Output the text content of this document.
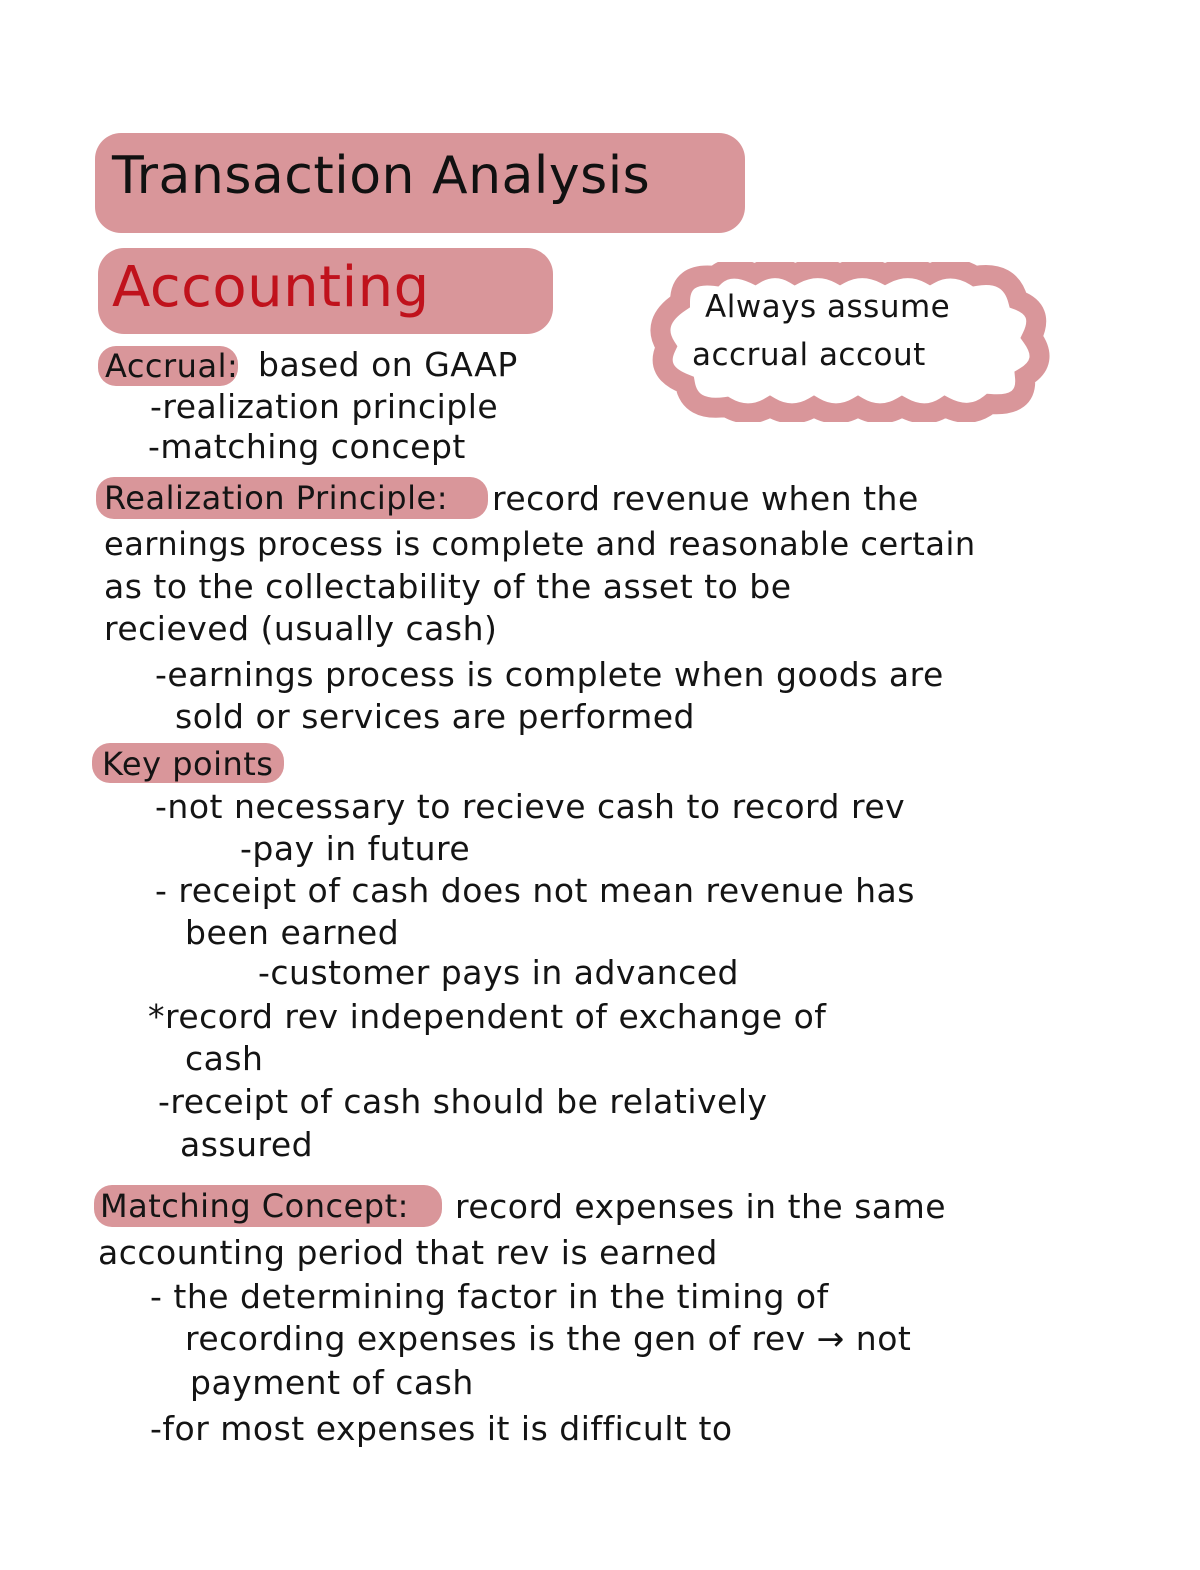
Transaction Analysis
Accounting	Always assume
accrual accout
Accrual: based on GAAP
-realization principle
-matching concept
Realization Principle: record revenue when the
earnings process is complete and reasonable certain
as to the collectability of the asset to be
recieved (usually cash)
-earnings process is complete when goods are
sold or services are performed
Key points
-not necessary to recieve cash to record rev
-pay in future
- receipt of cash does not mean revenue has
been earned
-customer pays in advanced
*record rev independent of exchange of
cash
-receipt of cash should be relatively
assured
Matching Concept: record expenses in the same
accounting period that rev is earned
- the determining factor in the timing of
recording expenses is the gen of rev → not
payment of cash
-for most expenses it is difficult to
